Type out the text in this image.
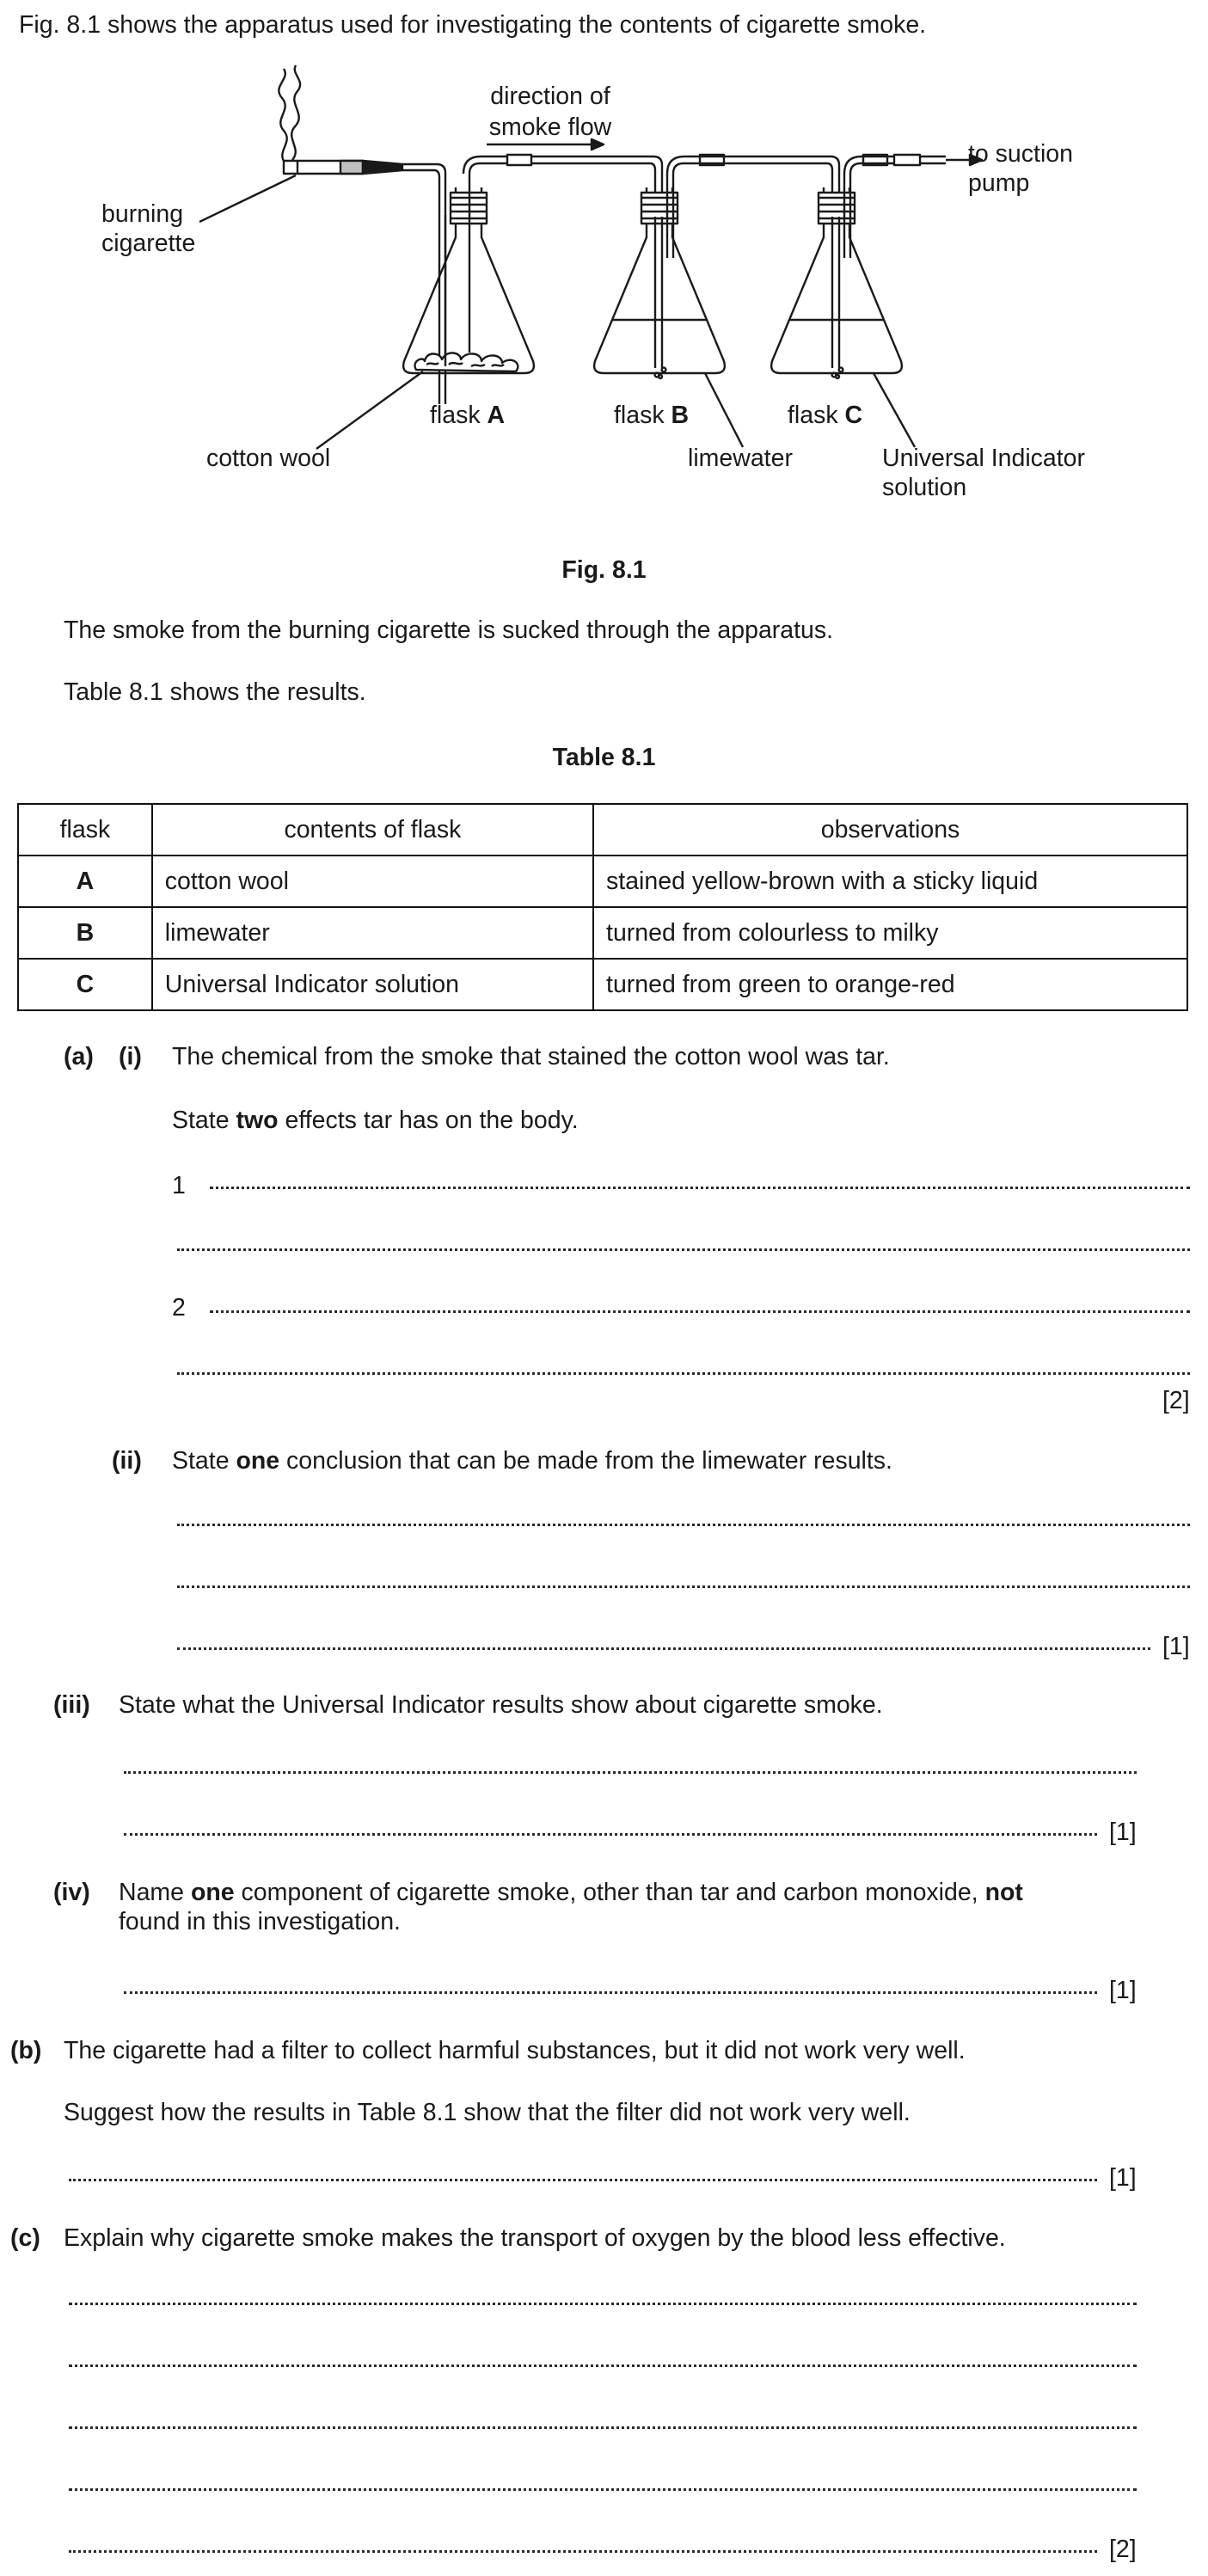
Fig. 8.1 shows the apparatus used for investigating the contents of cigarette smoke.
direction of
smoke flow
to suction
pump
burning
cigarette
cotton wool
flask A	flask B	flask C
limewater	Universal Indicator
solution
Fig. 8.1
The smoke from the burning cigarette is sucked through the apparatus.
Table 8.1 shows the results.
Table 8.1
flask	contents of flask	observations
A	cotton wool	stained yellow-brown with a sticky liquid
B	limewater	turned from colourless to milky
C	Universal Indicator solution	turned from green to orange-red
(a) (i) The chemical from the smoke that stained the cotton wool was tar.
State two effects tar has on the body.
1
2
[2]
(ii) State one conclusion that can be made from the limewater results.
[1]
(iii) State what the Universal Indicator results show about cigarette smoke.
[1]
(iv) Name one component of cigarette smoke, other than tar and carbon monoxide, not
found in this investigation.
[1]
(b) The cigarette had a filter to collect harmful substances, but it did not work very well.
Suggest how the results in Table 8.1 show that the filter did not work very well.
[1]
(c) Explain why cigarette smoke makes the transport of oxygen by the blood less effective.
[2]
